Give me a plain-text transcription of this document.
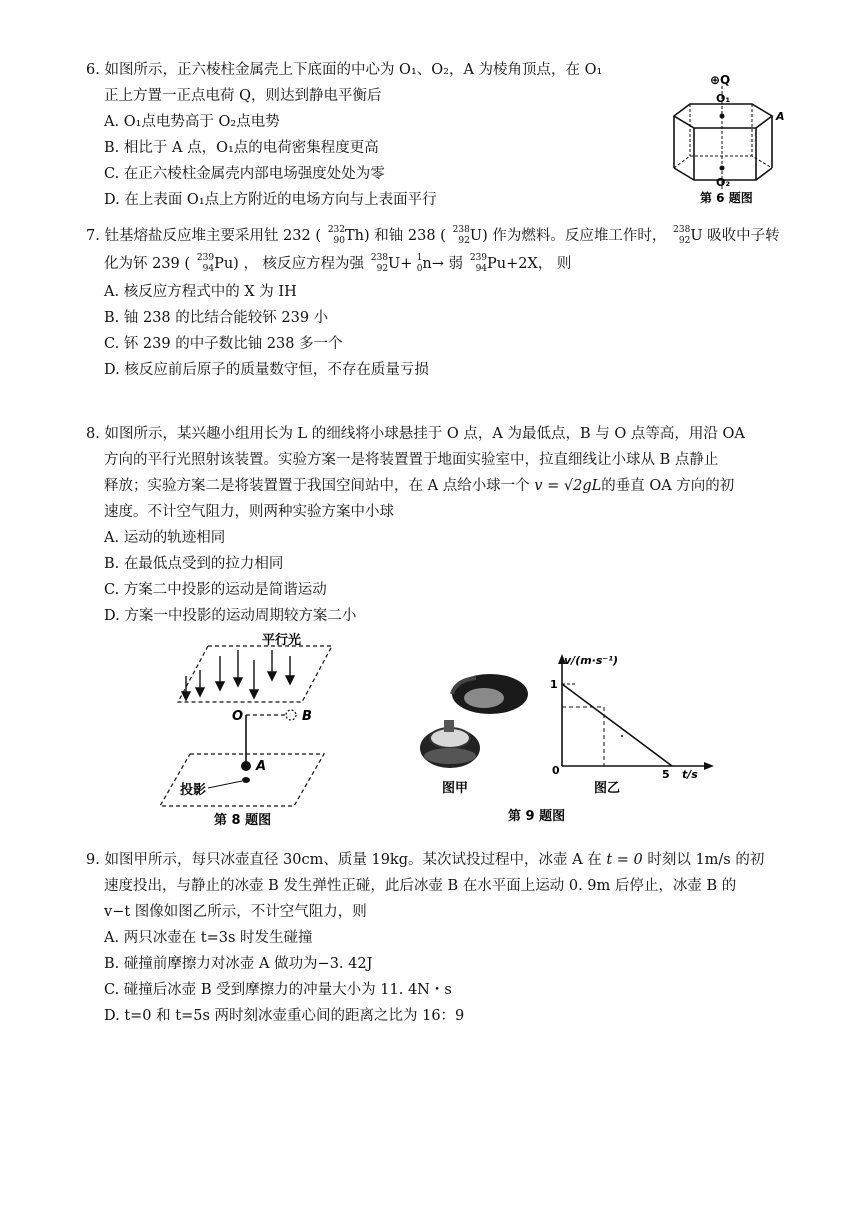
6. 如图所示，正六棱柱金属壳上下底面的中心为 O₁、O₂，A 为棱角顶点，在 O₁
正上方置一正点电荷 Q，则达到静电平衡后
A. O₁点电势高于 O₂点电势
B. 相比于 A 点，O₁点的电荷密集程度更高
C. 在正六棱柱金属壳内部电场强度处处为零
D. 在上表面 O₁点上方附近的电场方向与上表面平行
⊕Q
O₁
O₂
A
第 6 题图
7. 钍基熔盐反应堆主要采用钍 232 ( 232
90 Th) 和铀 238 ( 238
92 U) 作为燃料。反应堆工作时， 238
92 U 吸收中子转
化为钚 239 ( 239
94 Pu) ， 核反应方程为强 238
92 U+ 1
0 n→ 弱 239
94 Pu+2X， 则
A. 核反应方程式中的 X 为 IH
B. 铀 238 的比结合能较钚 239 小
C. 钚 239 的中子数比铀 238 多一个
D. 核反应前后原子的质量数守恒，不存在质量亏损
8. 如图所示，某兴趣小组用长为 L 的细线将小球悬挂于 O 点，A 为最低点，B 与 O 点等高，用沿 OA
方向的平行光照射该装置。实验方案一是将装置置于地面实验室中，拉直细线让小球从 B 点静止
释放；实验方案二是将装置置于我国空间站中，在 A 点给小球一个 v = √2gL的垂直 OA 方向的初
速度。不计空气阻力，则两种实验方案中小球
A. 运动的轨迹相同
B. 在最低点受到的拉力相同
C. 方案二中投影的运动是简谐运动
D. 方案一中投影的运动周期较方案二小
平行光
O	B
A
投影
第 8 题图
图甲
v/(m·s⁻¹)
t/s
1
0	5
图乙
第 9 题图
9. 如图甲所示，每只冰壶直径 30cm、质量 19kg。某次试投过程中，冰壶 A 在 t = 0 时刻以 1m/s 的初
速度投出，与静止的冰壶 B 发生弹性正碰，此后冰壶 B 在水平面上运动 0. 9m 后停止，冰壶 B 的
v−t 图像如图乙所示，不计空气阻力，则
A. 两只冰壶在 t=3s 时发生碰撞
B. 碰撞前摩擦力对冰壶 A 做功为−3. 42J
C. 碰撞后冰壶 B 受到摩擦力的冲量大小为 11. 4N・s
D. t=0 和 t=5s 两时刻冰壶重心间的距离之比为 16：9
